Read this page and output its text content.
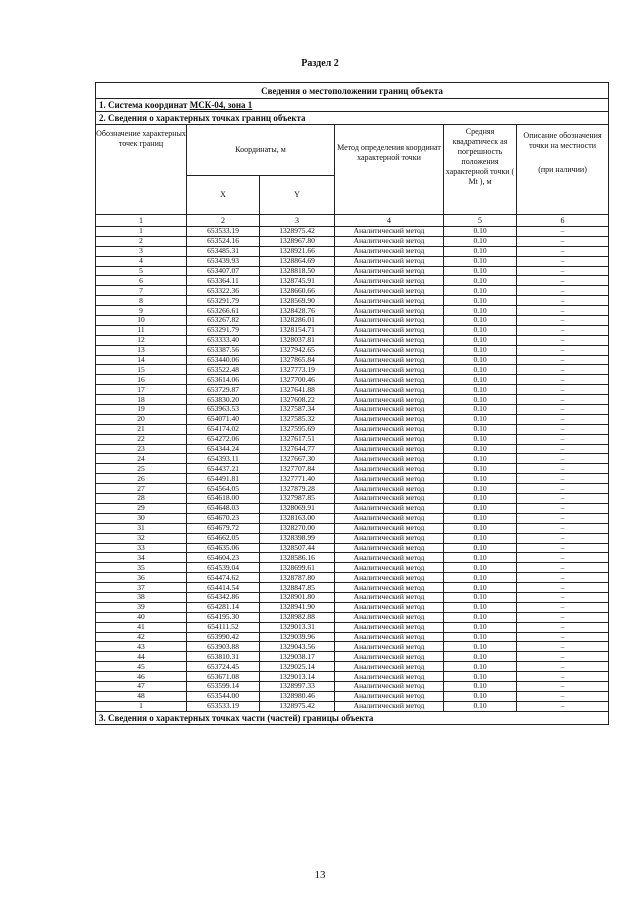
Раздел 2
Сведения о местоположении границ объекта					
1. Система координат МСК-04, зона 1					
2. Сведения о характерных точках границ объекта					
Обозначение характерных точек границ	Координаты, м		Метод определения координат характерной точки	Средняя квадратическ ая погрешность положения характерной точки ( Mt ), м	Описание обозначения точки на местности
(при наличии)

	X	Y			
1	2	3	4	5	6
1	653533.19	1328975.42	Аналитический метод	0.10	–
2	653524.16	1328967.80	Аналитический метод	0.10	–
3	653485.31	1328921.66	Аналитический метод	0.10	–
4	653439.93	1328864.69	Аналитический метод	0.10	–
5	653407.07	1328818.50	Аналитический метод	0.10	–
6	653364.11	1328745.91	Аналитический метод	0.10	–
7	653322.36	1328660.66	Аналитический метод	0.10	–
8	653291.79	1328569.90	Аналитический метод	0.10	–
9	653266.61	1328428.76	Аналитический метод	0.10	–
10	653267.82	1328286.01	Аналитический метод	0.10	–
11	653291.79	1328154.71	Аналитический метод	0.10	–
12	653333.40	1328037.81	Аналитический метод	0.10	–
13	653387.56	1327942.65	Аналитический метод	0.10	–
14	653440.06	1327865.84	Аналитический метод	0.10	–
15	653522.48	1327773.19	Аналитический метод	0.10	–
16	653614.06	1327700.46	Аналитический метод	0.10	–
17	653729.87	1327641.88	Аналитический метод	0.10	–
18	653830.20	1327608.22	Аналитический метод	0.10	–
19	653963.53	1327587.34	Аналитический метод	0.10	–
20	654071.40	1327585.32	Аналитический метод	0.10	–
21	654174.02	1327595.69	Аналитический метод	0.10	–
22	654272.06	1327617.51	Аналитический метод	0.10	–
23	654344.24	1327644.77	Аналитический метод	0.10	–
24	654393.11	1327667.30	Аналитический метод	0.10	–
25	654437.21	1327707.84	Аналитический метод	0.10	–
26	654491.81	1327771.40	Аналитический метод	0.10	–
27	654564.05	1327879.28	Аналитический метод	0.10	–
28	654618.00	1327987.85	Аналитический метод	0.10	–
29	654648.03	1328069.91	Аналитический метод	0.10	–
30	654670.23	1328163.00	Аналитический метод	0.10	–
31	654679.72	1328270.00	Аналитический метод	0.10	–
32	654662.05	1328398.99	Аналитический метод	0.10	–
33	654635.06	1328507.44	Аналитический метод	0.10	–
34	654604.23	1328586.16	Аналитический метод	0.10	–
35	654539.04	1328699.61	Аналитический метод	0.10	–
36	654474.62	1328787.80	Аналитический метод	0.10	–
37	654414.54	1328847.85	Аналитический метод	0.10	–
38	654342.86	1328901.80	Аналитический метод	0.10	–
39	654281.14	1328941.90	Аналитический метод	0.10	–
40	654195.30	1328982.88	Аналитический метод	0.10	–
41	654111.52	1329013.31	Аналитический метод	0.10	–
42	653990.42	1329039.96	Аналитический метод	0.10	–
43	653903.88	1329043.56	Аналитический метод	0.10	–
44	653810.31	1329038.17	Аналитический метод	0.10	–
45	653724.45	1329025.14	Аналитический метод	0.10	–
46	653671.08	1329013.14	Аналитический метод	0.10	–
47	653599.14	1328997.33	Аналитический метод	0.10	–
48	653544.00	1328980.46	Аналитический метод	0.10	–
1	653533.19	1328975.42	Аналитический метод	0.10	–
3. Сведения о характерных точках части (частей) границы объекта					
13
